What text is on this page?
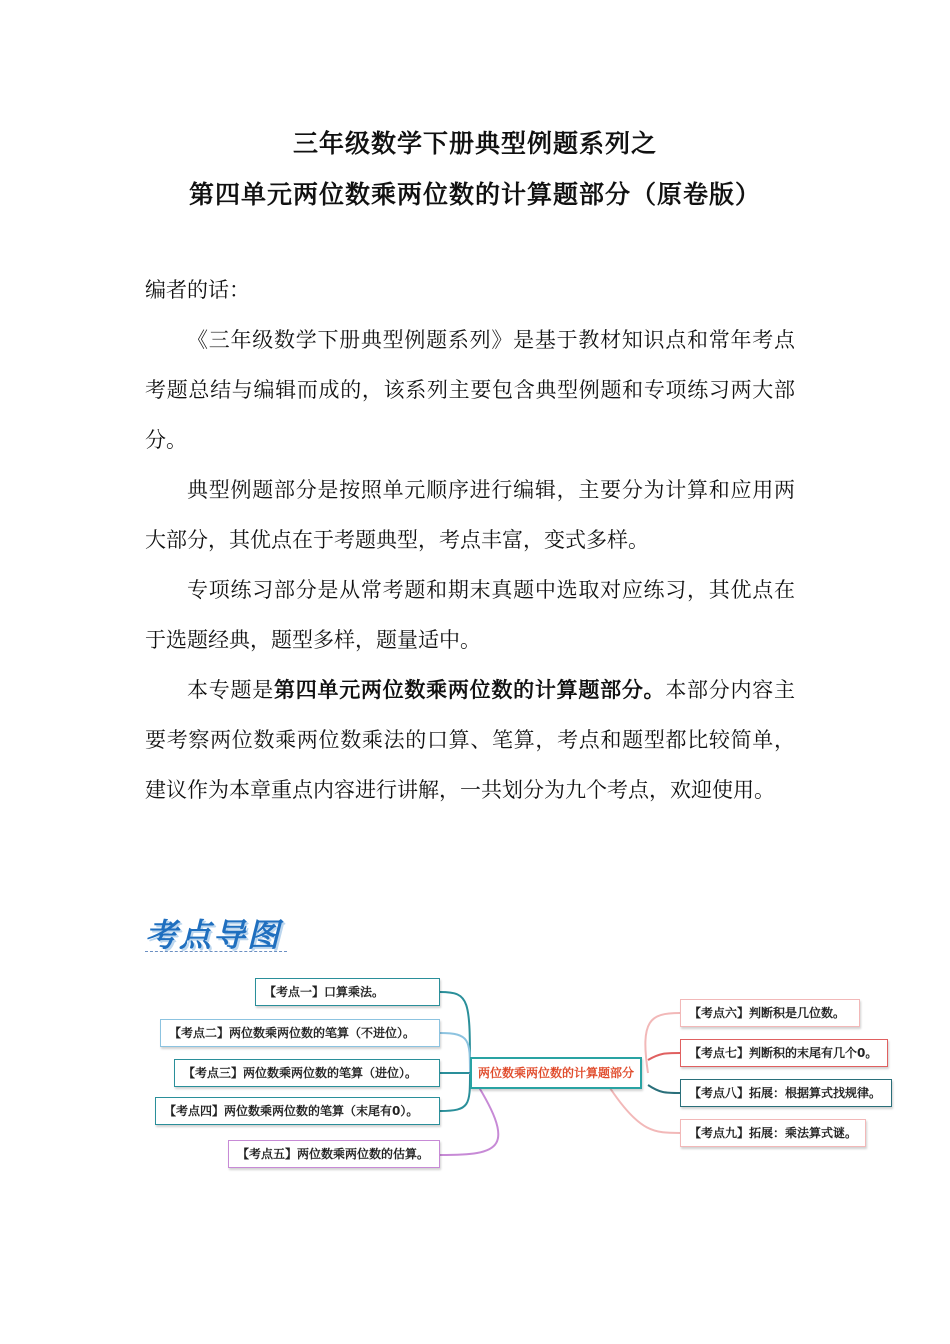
三年级数学下册典型例题系列之
第四单元两位数乘两位数的计算题部分（原卷版）

编者的话：

《三年级数学下册典型例题系列》是基于教材知识点和常年考点考题总结与编辑而成的，该系列主要包含典型例题和专项练习两大部分。

典型例题部分是按照单元顺序进行编辑，主要分为计算和应用两大部分，其优点在于考题典型，考点丰富，变式多样。

专项练习部分是从常考题和期末真题中选取对应练习，其优点在于选题经典，题型多样，题量适中。

本专题是第四单元两位数乘两位数的计算题部分。本部分内容主要考察两位数乘两位数乘法的口算、笔算，考点和题型都比较简单，建议作为本章重点内容进行讲解，一共划分为九个考点，欢迎使用。

考点导图
两位数乘两位数的计算题部分
【考点一】口算乘法。
【考点二】两位数乘两位数的笔算（不进位）。
【考点三】两位数乘两位数的笔算（进位）。
【考点四】两位数乘两位数的笔算（末尾有0）。
【考点五】两位数乘两位数的估算。
【考点六】判断积是几位数。
【考点七】判断积的末尾有几个0。
【考点八】拓展：根据算式找规律。
【考点九】拓展：乘法算式谜。
